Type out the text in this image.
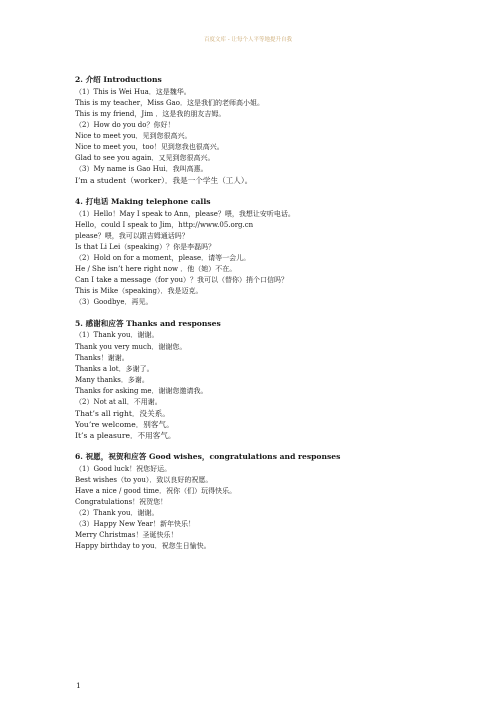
百度文库 - 让每个人平等地提升自我
2. 介绍 Introductions
（1）This is Wei Hua．这是魏华。
This is my teacher，Miss Gao．这是我们的老师高小姐。
This is my friend，Jim ．这是我的朋友吉姆。
（2）How do you do？你好！
Nice to meet you．见到您很高兴。
Nice to meet you，too！见到您我也很高兴。
Glad to see you again．又见到您很高兴。
（3）My name is Gao Hui．我叫高惠。
I’m a student（worker）．我是一个学生（工人）。
4. 打电话 Making telephone calls
（1）Hello！May I speak to Ann，please？喂，我想让安听电话。
Hello，could I speak to Jim，http://www.05.org.cn
please？喂，我可以跟吉姆通话吗？
Is that Li Lei（speaking）？你是李磊吗？
（2）Hold on for a moment，please．请等一会儿。
He / She isn’t here right now ．他（她）不在。
Can I take a message（for you）？我可以（替你）捎个口信吗？
This is Mike（speaking）．我是迈克。
（3）Goodbye．再见。
5. 感谢和应答 Thanks and responses
（1）Thank you．谢谢。
Thank you very much．谢谢您。
Thanks！谢谢。
Thanks a lot．多谢了。
Many thanks．多谢。
Thanks for asking me．谢谢您邀请我。
（2）Not at all．不用谢。
That’s all right．没关系。
You’re welcome．别客气。
It’s a pleasure．不用客气。
6. 祝愿，祝贺和应答 Good wishes，congratulations and responses
（1）Good luck！祝您好运。
Best wishes（to you）．致以良好的祝愿。
Have a nice / good time．祝你（们）玩得快乐。
Congratulations！祝贺您！
（2）Thank you．谢谢。
（3）Happy New Year！新年快乐！
Merry Christmas！圣诞快乐！
Happy birthday to you．祝您生日愉快。
1
